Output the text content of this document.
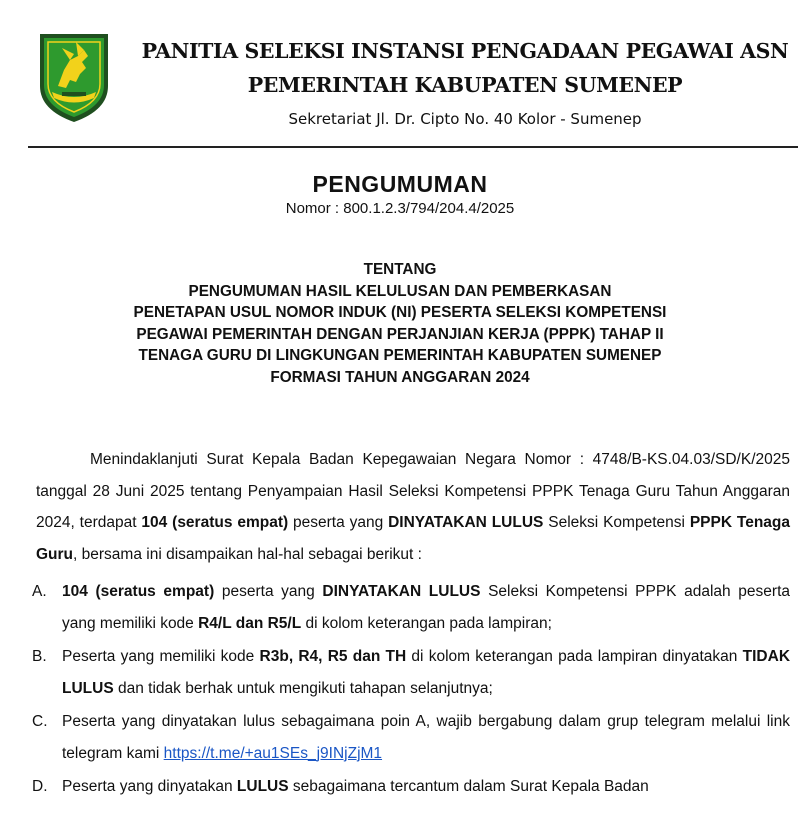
PANITIA SELEKSI INSTANSI PENGADAAN PEGAWAI ASN
PEMERINTAH KABUPATEN SUMENEP
Sekretariat Jl. Dr. Cipto No. 40 Kolor - Sumenep
PENGUMUMAN
Nomor : 800.1.2.3/794/204.4/2025
TENTANG
PENGUMUMAN HASIL KELULUSAN DAN PEMBERKASAN
PENETAPAN USUL NOMOR INDUK (NI) PESERTA SELEKSI KOMPETENSI
PEGAWAI PEMERINTAH DENGAN PERJANJIAN KERJA (PPPK) TAHAP II
TENAGA GURU DI LINGKUNGAN PEMERINTAH KABUPATEN SUMENEP
FORMASI TAHUN ANGGARAN 2024

Menindaklanjuti Surat Kepala Badan Kepegawaian Negara Nomor : 4748/B-KS.04.03/SD/K/2025 tanggal 28 Juni 2025 tentang Penyampaian Hasil Seleksi Kompetensi PPPK Tenaga Guru Tahun Anggaran 2024, terdapat 104 (seratus empat) peserta yang DINYATAKAN LULUS Seleksi Kompetensi PPPK Tenaga Guru, bersama ini disampaikan hal-hal sebagai berikut :

A. 104 (seratus empat) peserta yang DINYATAKAN LULUS Seleksi Kompetensi PPPK adalah peserta yang memiliki kode R4/L dan R5/L di kolom keterangan pada lampiran;
B. Peserta yang memiliki kode R3b, R4, R5 dan TH di kolom keterangan pada lampiran dinyatakan TIDAK LULUS dan tidak berhak untuk mengikuti tahapan selanjutnya;
C. Peserta yang dinyatakan lulus sebagaimana poin A, wajib bergabung dalam grup telegram melalui link telegram kami https://t.me/+au1SEs_j9INjZjM1
D. Peserta yang dinyatakan LULUS sebagaimana tercantum dalam Surat Kepala Badan
